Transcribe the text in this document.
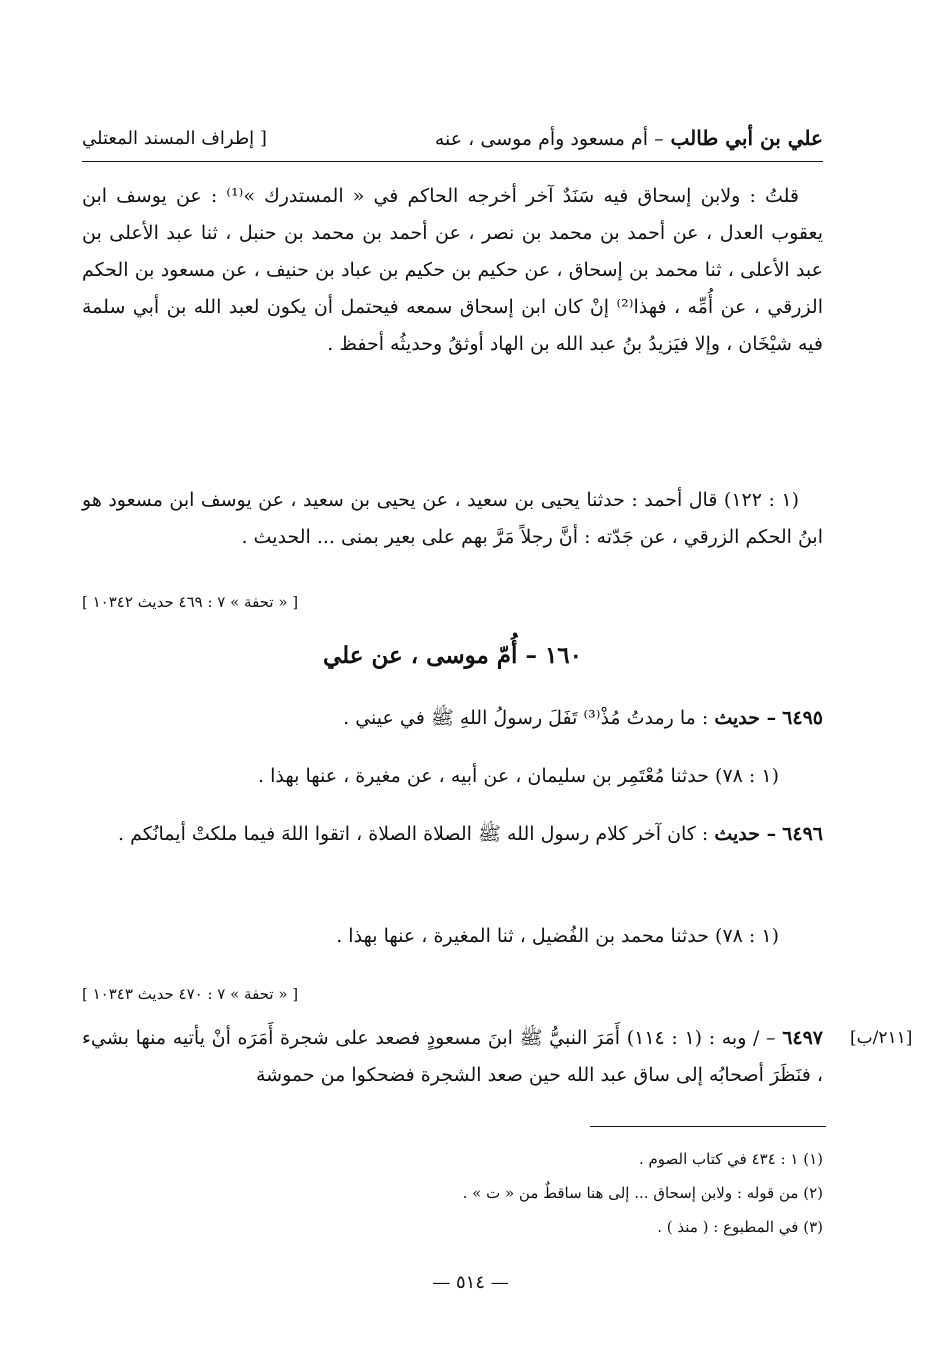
علي بن أبي طالب – أم مسعود وأم موسى ، عنه
[ إطراف المسند المعتلي
قلتُ : ولابن إسحاق فيه سَنَدٌ آخر أخرجه الحاكم في « المستدرك »⁽¹⁾ : عن يوسف ابن يعقوب العدل ، عن أحمد بن محمد بن نصر ، عن أحمد بن محمد بن حنبل ، ثنا عبد الأعلى بن عبد الأعلى ، ثنا محمد بن إسحاق ، عن حكيم بن حكيم بن عباد بن حنيف ، عن مسعود بن الحكم الزرقي ، عن أُمِّه ، فهذا⁽²⁾ إنْ كان ابن إسحاق سمعه فيحتمل أن يكون لعبد الله بن أبي سلمة فيه شيْخَان ، وإلا فيَزيدُ بنُ عبد الله بن الهاد أوثقُ وحديثُه أحفظ .
(١ : ١٢٢) قال أحمد : حدثنا يحيى بن سعيد ، عن يحيى بن سعيد ، عن يوسف ابن مسعود هو ابنُ الحكم الزرقي ، عن جَدّته : أنَّ رجلاً مَرَّ بهم على بعير بمنى ... الحديث .
[ « تحفة » ٧ : ٤٦٩ حديث ١٠٣٤٢ ]
١٦٠ – أُمّ موسى ، عن علي
٦٤٩٥ – حديث : ما رمدتُ مُذْ⁽³⁾ تَفَلَ رسولُ اللهِ ﷺ في عيني .
(١ : ٧٨) حدثنا مُعْتَمِر بن سليمان ، عن أبيه ، عن مغيرة ، عنها بهذا .
٦٤٩٦ – حديث : كان آخر كلام رسول الله ﷺ الصلاة الصلاة ، اتقوا اللهَ فيما ملكتْ أيمانُكم .
(١ : ٧٨) حدثنا محمد بن الفُضيل ، ثنا المغيرة ، عنها بهذا .
[ « تحفة » ٧ : ٤٧٠ حديث ١٠٣٤٣ ]
[٢١١/ب]
٦٤٩٧ – / وبه : (١ : ١١٤) أَمَرَ النبيُّ ﷺ ابنَ مسعودٍ فصعد على شجرة أَمَرَه أنْ يأتيه منها بشيء ، فنَظَرَ أصحابُه إلى ساق عبد الله حين صعد الشجرة فضحكوا من حموشة
(١) ١ : ٤٣٤ في كتاب الصوم .
(٢) من قوله : ولابن إسحاق ... إلى هنا ساقطٌ من « ت » .
(٣) في المطبوع : ( منذ ) .
— ٥١٤ —
